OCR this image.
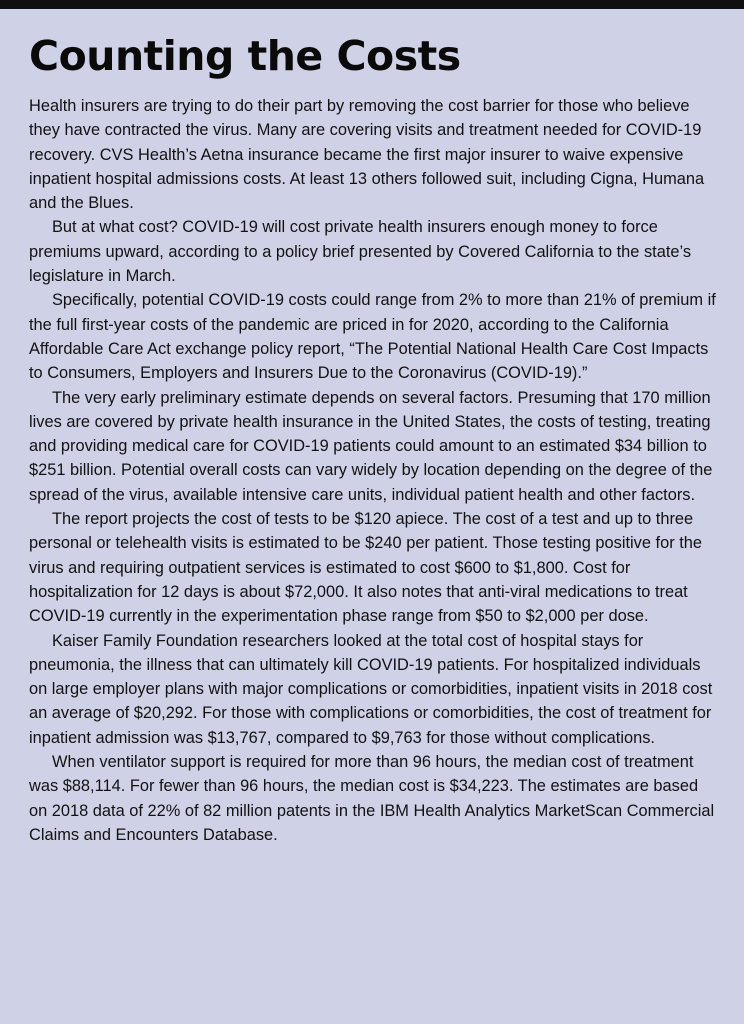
Counting the Costs

Health insurers are trying to do their part by removing the cost barrier for those who believe they have contracted the virus. Many are covering visits and treatment needed for COVID-19 recovery. CVS Health’s Aetna insurance became the first major insurer to waive expensive inpatient hospital admissions costs. At least 13 others followed suit, including Cigna, Humana and the Blues.

But at what cost? COVID-19 will cost private health insurers enough money to force premiums upward, according to a policy brief presented by Covered California to the state’s legislature in March.

Specifically, potential COVID-19 costs could range from 2% to more than 21% of premium if the full first-year costs of the pandemic are priced in for 2020, according to the California Affordable Care Act exchange policy report, “The Potential National Health Care Cost Impacts to Consumers, Employers and Insurers Due to the Coronavirus (COVID-19).”

The very early preliminary estimate depends on several factors. Presuming that 170 million lives are covered by private health insurance in the United States, the costs of testing, treating and providing medical care for COVID-19 patients could amount to an estimated $34 billion to $251 billion. Potential overall costs can vary widely by location depending on the degree of the spread of the virus, available intensive care units, individual patient health and other factors.

The report projects the cost of tests to be $120 apiece. The cost of a test and up to three personal or telehealth visits is estimated to be $240 per patient. Those testing positive for the virus and requiring outpatient services is estimated to cost $600 to $1,800. Cost for hospitalization for 12 days is about $72,000. It also notes that anti-viral medications to treat COVID-19 currently in the experimentation phase range from $50 to $2,000 per dose.

Kaiser Family Foundation researchers looked at the total cost of hospital stays for pneumonia, the illness that can ultimately kill COVID-19 patients. For hospitalized individuals on large employer plans with major complications or comorbidities, inpatient visits in 2018 cost an average of $20,292. For those with complications or comorbidities, the cost of treatment for inpatient admission was $13,767, compared to $9,763 for those without complications.

When ventilator support is required for more than 96 hours, the median cost of treatment was $88,114. For fewer than 96 hours, the median cost is $34,223. The estimates are based on 2018 data of 22% of 82 million patents in the IBM Health Analytics MarketScan Commercial Claims and Encounters Database.
